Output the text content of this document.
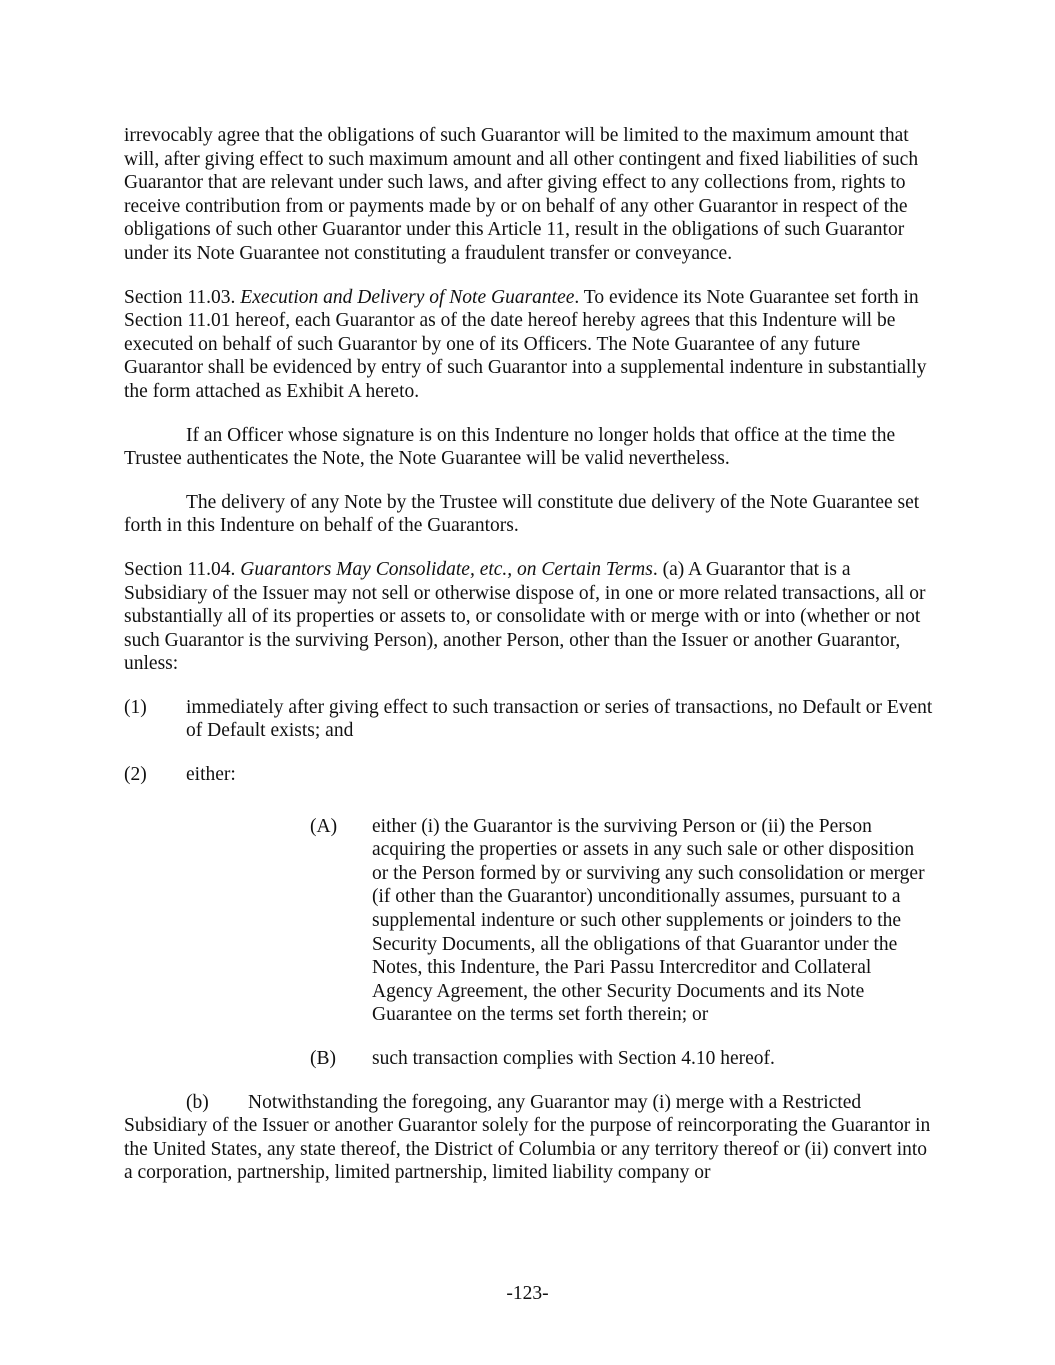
irrevocably agree that the obligations of such Guarantor will be limited to the maximum amount that will, after giving effect to such maximum amount and all other contingent and fixed liabilities of such Guarantor that are relevant under such laws, and after giving effect to any collections from, rights to receive contribution from or payments made by or on behalf of any other Guarantor in respect of the obligations of such other Guarantor under this Article 11, result in the obligations of such Guarantor under its Note Guarantee not constituting a fraudulent transfer or conveyance.

Section 11.03. Execution and Delivery of Note Guarantee. To evidence its Note Guarantee set forth in Section 11.01 hereof, each Guarantor as of the date hereof hereby agrees that this Indenture will be executed on behalf of such Guarantor by one of its Officers. The Note Guarantee of any future Guarantor shall be evidenced by entry of such Guarantor into a supplemental indenture in substantially the form attached as Exhibit A hereto.

If an Officer whose signature is on this Indenture no longer holds that office at the time the Trustee authenticates the Note, the Note Guarantee will be valid nevertheless.

The delivery of any Note by the Trustee will constitute due delivery of the Note Guarantee set forth in this Indenture on behalf of the Guarantors.

Section 11.04. Guarantors May Consolidate, etc., on Certain Terms. (a) A Guarantor that is a Subsidiary of the Issuer may not sell or otherwise dispose of, in one or more related transactions, all or substantially all of its properties or assets to, or consolidate with or merge with or into (whether or not such Guarantor is the surviving Person), another Person, other than the Issuer or another Guarantor, unless:

(1)	immediately after giving effect to such transaction or series of transactions, no Default or Event of Default exists; and
(2)	either:
(A)	either (i) the Guarantor is the surviving Person or (ii) the Person acquiring the properties or assets in any such sale or other disposition or the Person formed by or surviving any such consolidation or merger (if other than the Guarantor) unconditionally assumes, pursuant to a supplemental indenture or such other supplements or joinders to the Security Documents, all the obligations of that Guarantor under the Notes, this Indenture, the Pari Passu Intercreditor and Collateral Agency Agreement, the other Security Documents and its Note Guarantee on the terms set forth therein; or
(B)	such transaction complies with Section 4.10 hereof.

(b) Notwithstanding the foregoing, any Guarantor may (i) merge with a Restricted Subsidiary of the Issuer or another Guarantor solely for the purpose of reincorporating the Guarantor in the United States, any state thereof, the District of Columbia or any territory thereof or (ii) convert into a corporation, partnership, limited partnership, limited liability company or

-123-
